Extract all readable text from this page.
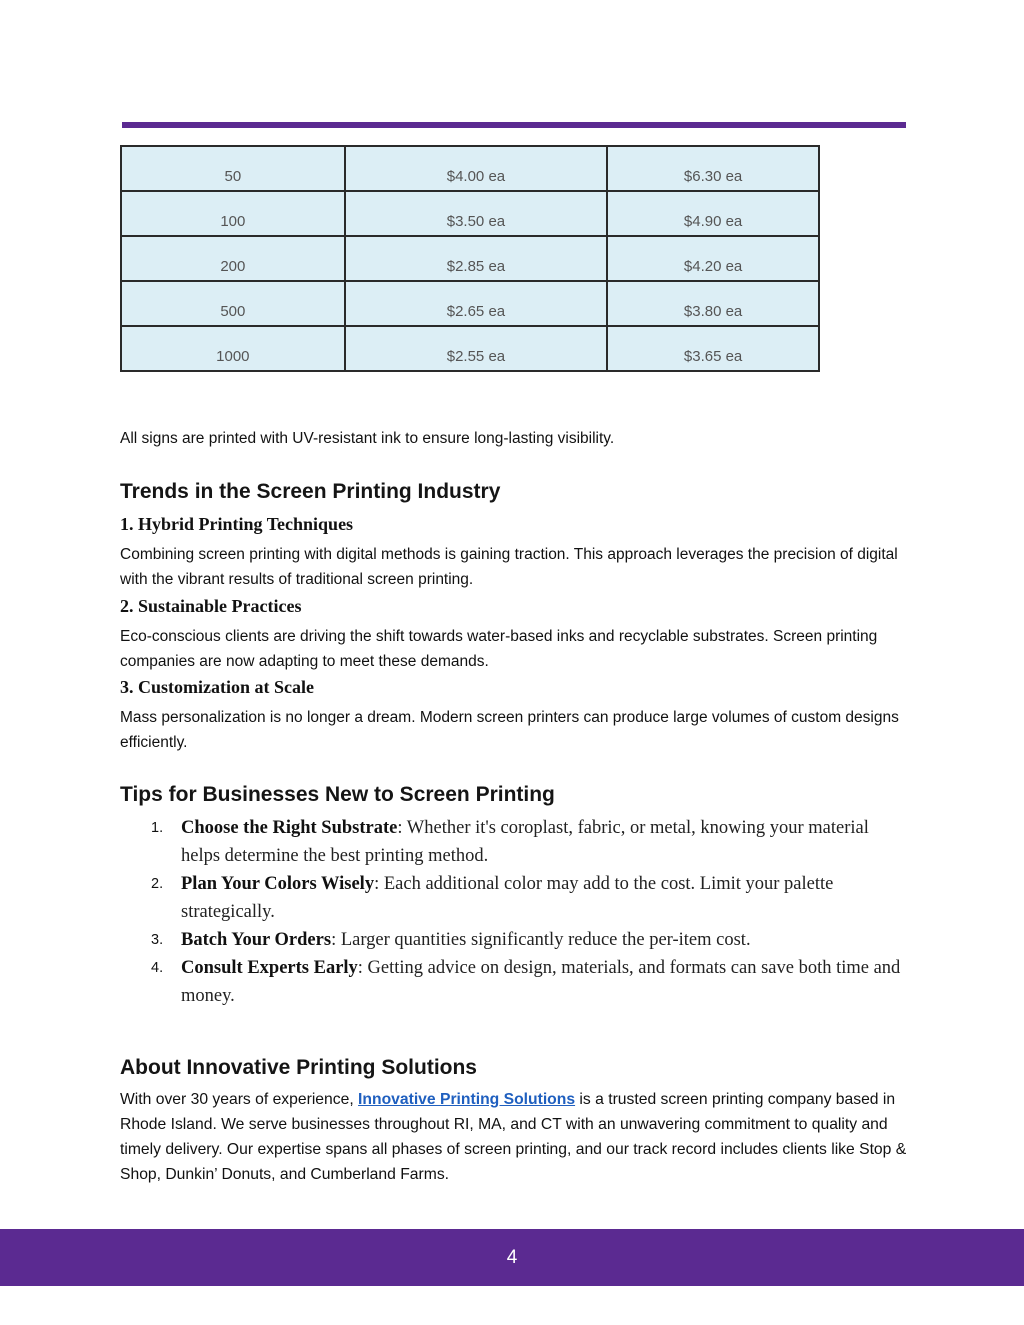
50	$4.00 ea	$6.30 ea
100	$3.50 ea	$4.90 ea
200	$2.85 ea	$4.20 ea
500	$2.65 ea	$3.80 ea
1000	$2.55 ea	$3.65 ea
All signs are printed with UV-resistant ink to ensure long-lasting visibility.
Trends in the Screen Printing Industry
1. Hybrid Printing Techniques
Combining screen printing with digital methods is gaining traction. This approach leverages the precision of digital with the vibrant results of traditional screen printing.
2. Sustainable Practices
Eco-conscious clients are driving the shift towards water-based inks and recyclable substrates. Screen printing companies are now adapting to meet these demands.
3. Customization at Scale
Mass personalization is no longer a dream. Modern screen printers can produce large volumes of custom designs efficiently.
Tips for Businesses New to Screen Printing
1. Choose the Right Substrate: Whether it's coroplast, fabric, or metal, knowing your material helps determine the best printing method.
2. Plan Your Colors Wisely: Each additional color may add to the cost. Limit your palette strategically.
3. Batch Your Orders: Larger quantities significantly reduce the per-item cost.
4. Consult Experts Early: Getting advice on design, materials, and formats can save both time and money.
About Innovative Printing Solutions
With over 30 years of experience, Innovative Printing Solutions is a trusted screen printing company based in Rhode Island. We serve businesses throughout RI, MA, and CT with an unwavering commitment to quality and timely delivery. Our expertise spans all phases of screen printing, and our track record includes clients like Stop & Shop, Dunkin’ Donuts, and Cumberland Farms.
4
